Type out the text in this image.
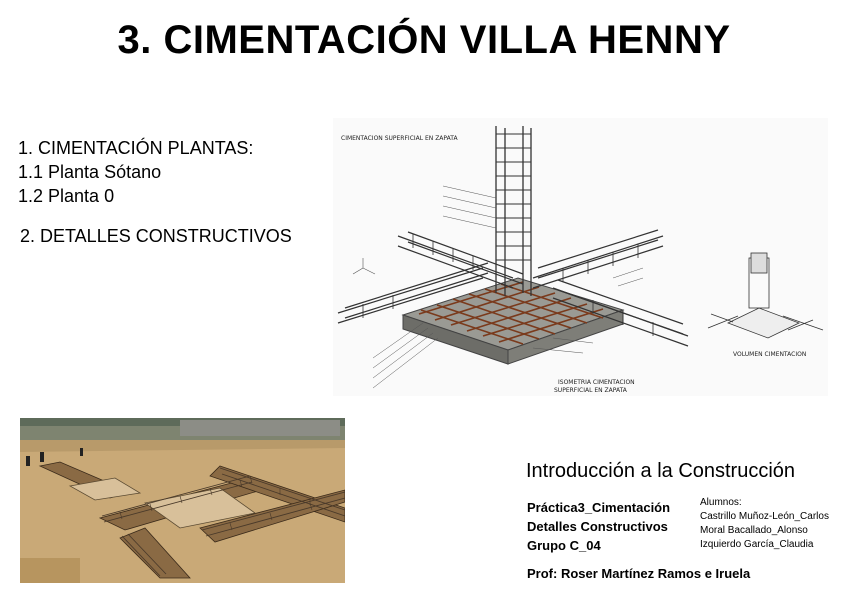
3. CIMENTACIÓN VILLA HENNY
1. CIMENTACIÓN PLANTAS:
1.1 Planta Sótano
1.2 Planta 0
2. DETALLES CONSTRUCTIVOS
CIMENTACION SUPERFICIAL EN ZAPATA
ISOMETRIA CIMENTACION
SUPERFICIAL EN ZAPATA
VOLUMEN CIMENTACION
Introducción a la Construcción
Práctica3_Cimentación
Detalles Constructivos
Grupo C_04
Alumnos:
Castrillo Muñoz-León_Carlos
Moral Bacallado_Alonso
Izquierdo García_Claudia
Prof: Roser Martínez Ramos e Iruela
